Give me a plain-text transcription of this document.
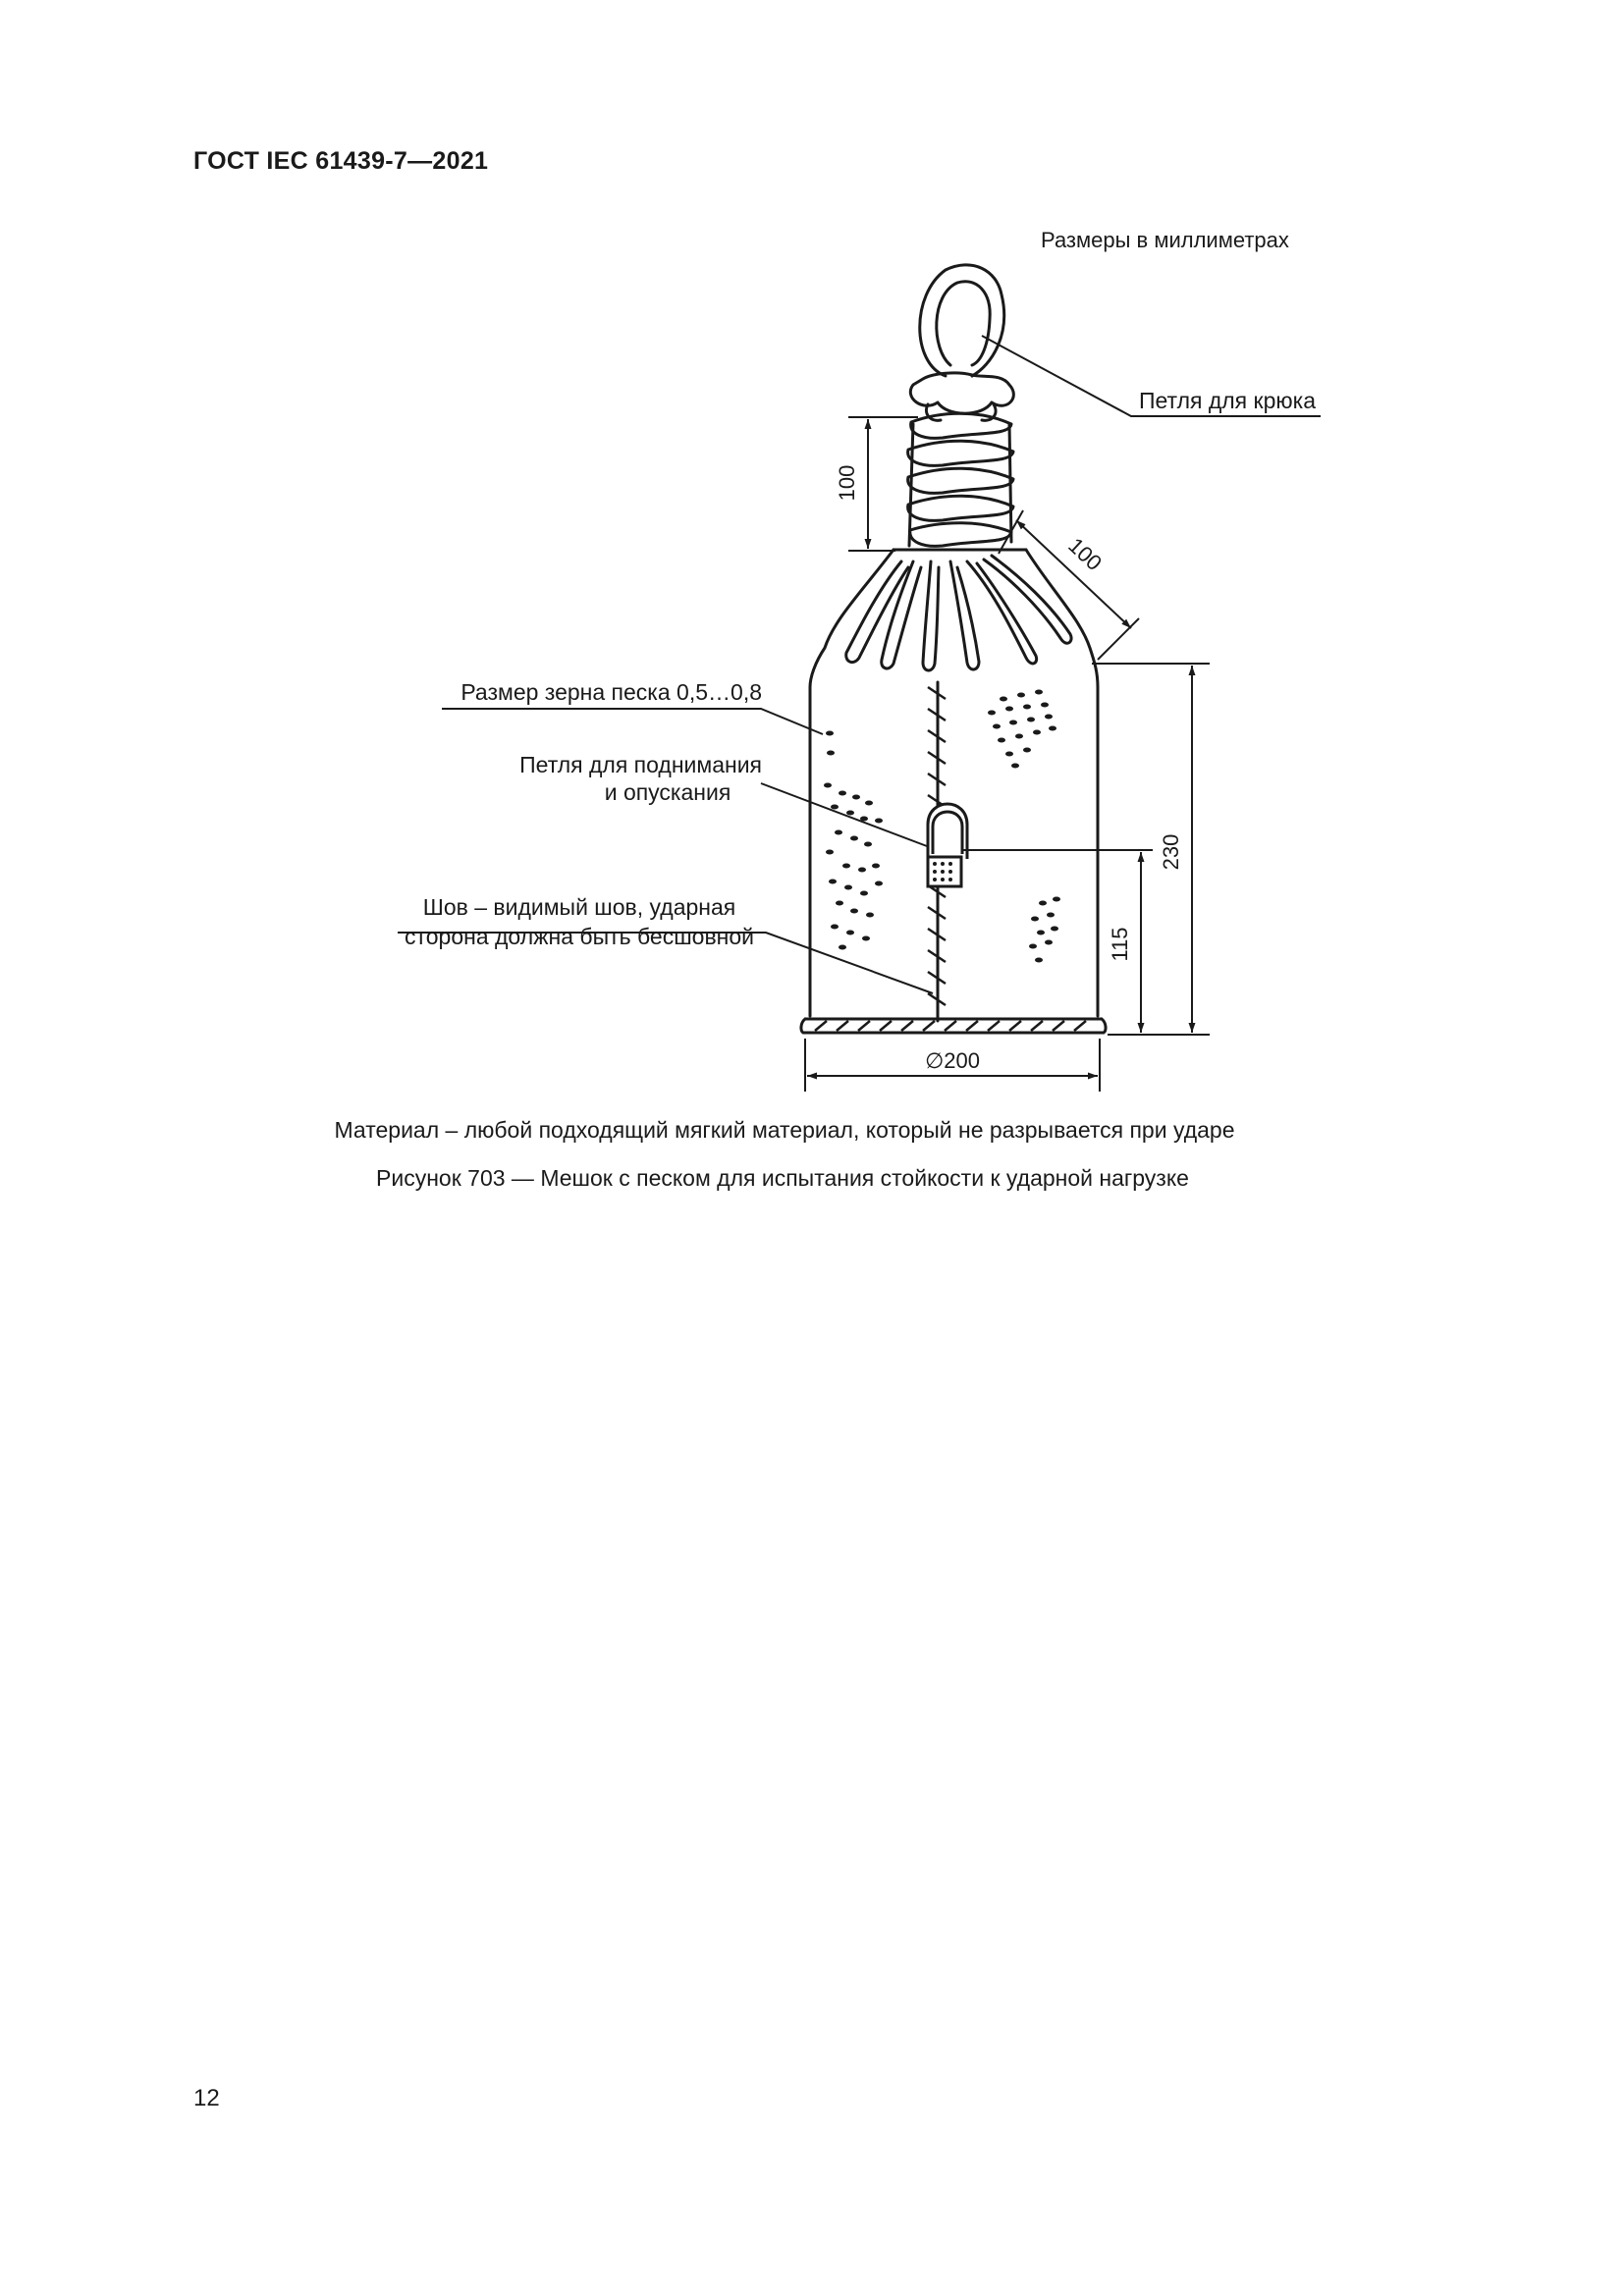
ГОСТ IEC 61439-7—2021
Размеры в миллиметрах
Петля для крюка
Размер зерна песка 0,5…0,8
Петля для поднимания
и опускания
Шов – видимый шов, ударная
сторона должна быть бесшовной
100
100
230
115
∅200
Материал – любой подходящий мягкий материал, который не разрывается при ударе
Рисунок 703 — Мешок с песком для испытания стойкости к ударной нагрузке
12
